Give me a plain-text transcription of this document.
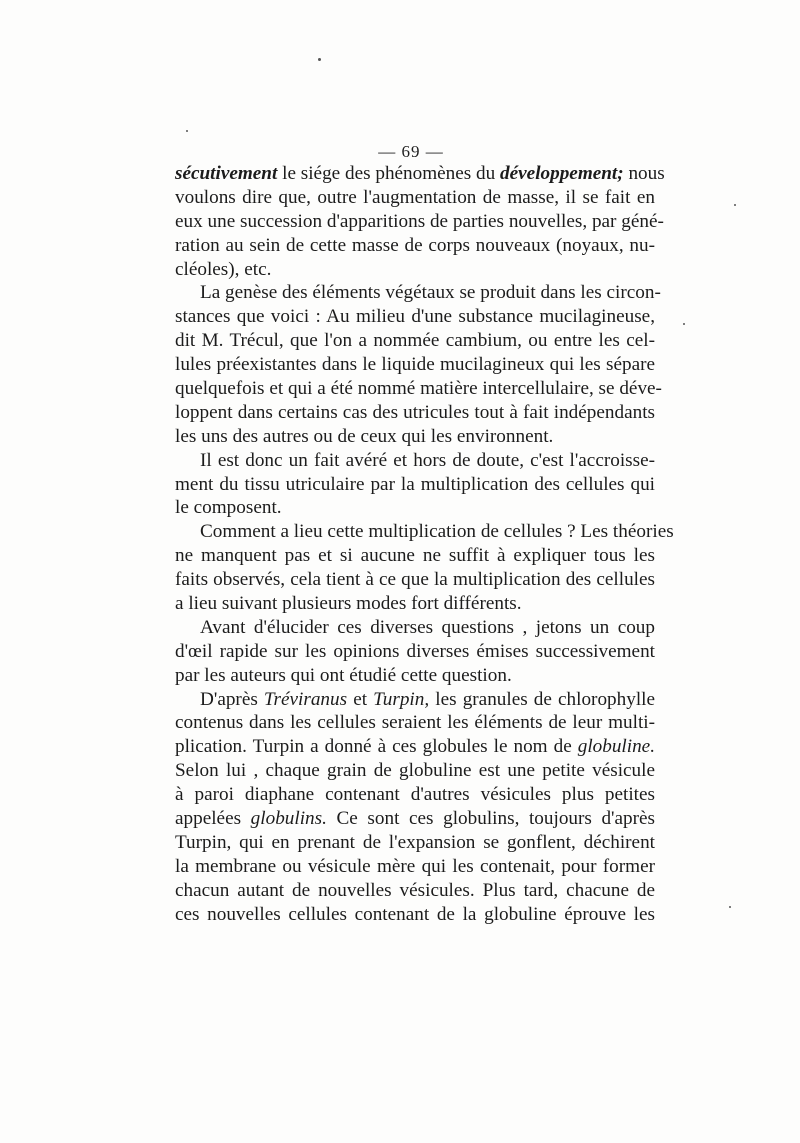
— 69 —
sécutivement le siége des phénomènes du développement; nous
voulons dire que, outre l'augmentation de masse, il se fait en
eux une succession d'apparitions de parties nouvelles, par géné-
ration au sein de cette masse de corps nouveaux (noyaux, nu-
cléoles), etc.
La genèse des éléments végétaux se produit dans les circon-
stances que voici : Au milieu d'une substance mucilagineuse,
dit M. Trécul, que l'on a nommée cambium, ou entre les cel-
lules préexistantes dans le liquide mucilagineux qui les sépare
quelquefois et qui a été nommé matière intercellulaire, se déve-
loppent dans certains cas des utricules tout à fait indépendants
les uns des autres ou de ceux qui les environnent.
Il est donc un fait avéré et hors de doute, c'est l'accroisse-
ment du tissu utriculaire par la multiplication des cellules qui
le composent.
Comment a lieu cette multiplication de cellules ? Les théories
ne manquent pas et si aucune ne suffit à expliquer tous les
faits observés, cela tient à ce que la multiplication des cellules
a lieu suivant plusieurs modes fort différents.
Avant d'élucider ces diverses questions , jetons un coup
d'œil rapide sur les opinions diverses émises successivement
par les auteurs qui ont étudié cette question.
D'après Tréviranus et Turpin, les granules de chlorophylle
contenus dans les cellules seraient les éléments de leur multi-
plication. Turpin a donné à ces globules le nom de globuline.
Selon lui , chaque grain de globuline est une petite vésicule
à paroi diaphane contenant d'autres vésicules plus petites
appelées globulins. Ce sont ces globulins, toujours d'après
Turpin, qui en prenant de l'expansion se gonflent, déchirent
la membrane ou vésicule mère qui les contenait, pour former
chacun autant de nouvelles vésicules. Plus tard, chacune de
ces nouvelles cellules contenant de la globuline éprouve les
